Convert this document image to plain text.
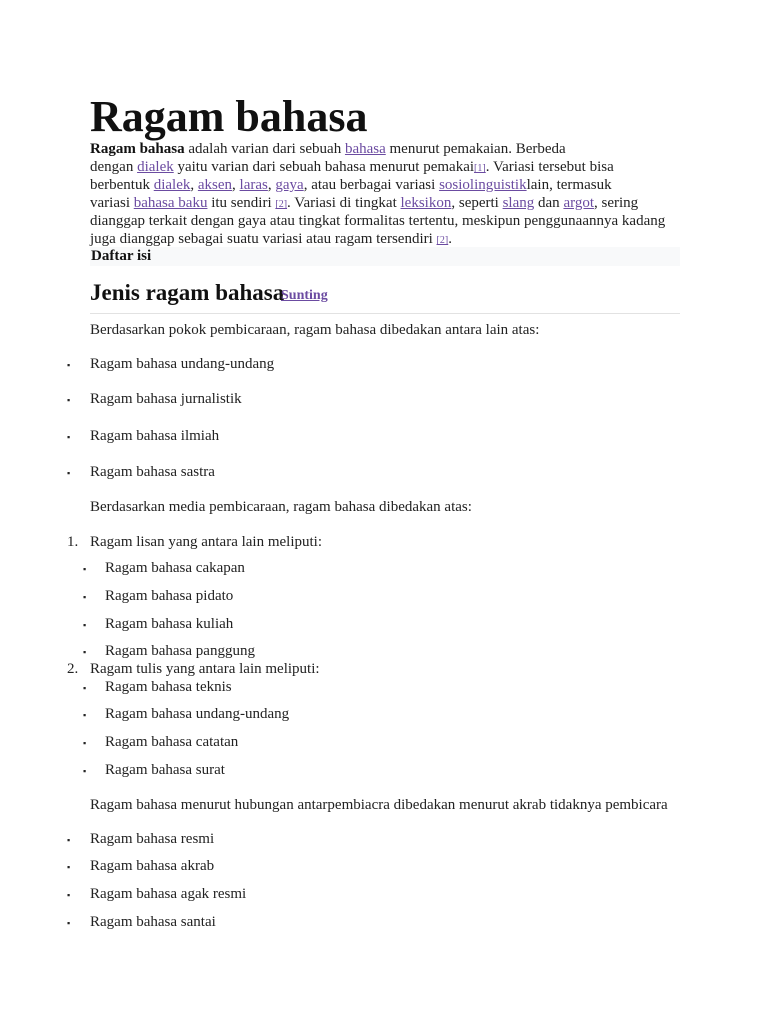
Ragam bahasa
Ragam bahasa adalah varian dari sebuah bahasa menurut pemakaian. Berbeda
dengan dialek yaitu varian dari sebuah bahasa menurut pemakai[1]. Variasi tersebut bisa
berbentuk dialek, aksen, laras, gaya, atau berbagai variasi sosiolinguistiklain, termasuk
variasi bahasa baku itu sendiri [2]. Variasi di tingkat leksikon, seperti slang dan argot, sering
dianggap terkait dengan gaya atau tingkat formalitas tertentu, meskipun penggunaannya kadang
juga dianggap sebagai suatu variasi atau ragam tersendiri [2].
Daftar isi
Jenis ragam bahasa
Sunting
Berdasarkan pokok pembicaraan, ragam bahasa dibedakan antara lain atas:
▪ Ragam bahasa undang-undang
▪ Ragam bahasa jurnalistik
▪ Ragam bahasa ilmiah
▪ Ragam bahasa sastra
Berdasarkan media pembicaraan, ragam bahasa dibedakan atas:
1. Ragam lisan yang antara lain meliputi:
▪ Ragam bahasa cakapan
▪ Ragam bahasa pidato
▪ Ragam bahasa kuliah
▪ Ragam bahasa panggung
2. Ragam tulis yang antara lain meliputi:
▪ Ragam bahasa teknis
▪ Ragam bahasa undang-undang
▪ Ragam bahasa catatan
▪ Ragam bahasa surat
Ragam bahasa menurut hubungan antarpembiacra dibedakan menurut akrab tidaknya pembicara
▪ Ragam bahasa resmi
▪ Ragam bahasa akrab
▪ Ragam bahasa agak resmi
▪ Ragam bahasa santai
